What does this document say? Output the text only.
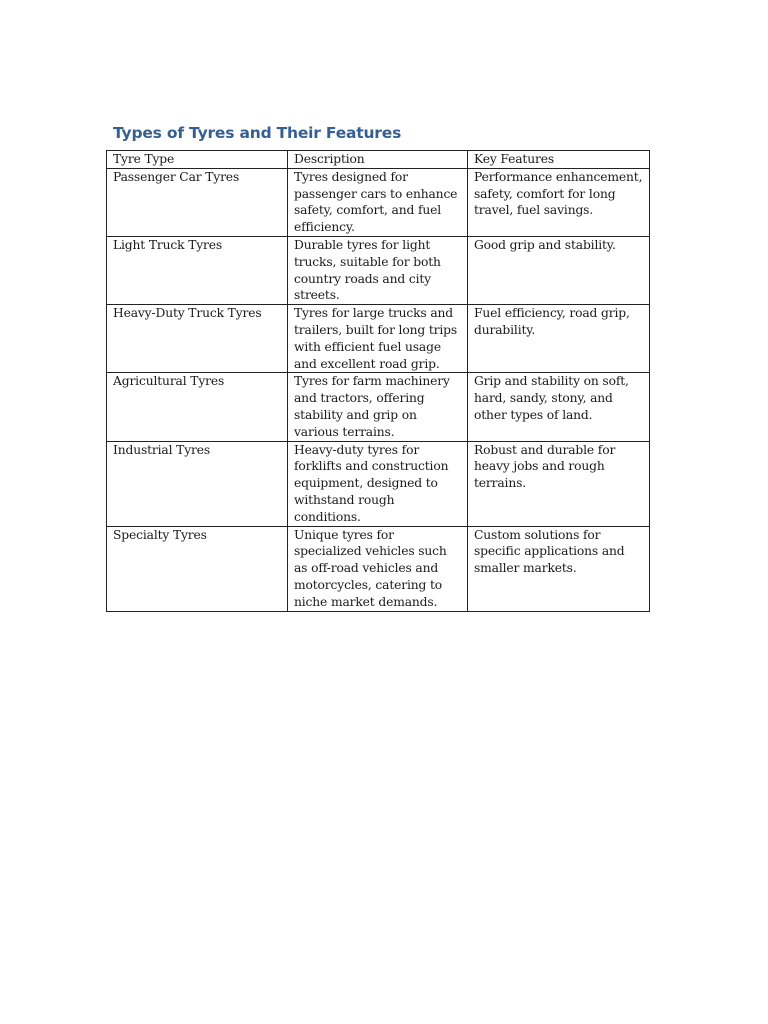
Types of Tyres and Their Features
Tyre Type	Description	Key Features
Passenger Car Tyres	Tyres designed for passenger cars to enhance safety, comfort, and fuel efficiency.	Performance enhancement, safety, comfort for long travel, fuel savings.
Light Truck Tyres	Durable tyres for light trucks, suitable for both country roads and city streets.	Good grip and stability.
Heavy-Duty Truck Tyres	Tyres for large trucks and trailers, built for long trips with efficient fuel usage and excellent road grip.	Fuel efficiency, road grip, durability.
Agricultural Tyres	Tyres for farm machinery and tractors, offering stability and grip on various terrains.	Grip and stability on soft, hard, sandy, stony, and other types of land.
Industrial Tyres	Heavy-duty tyres for forklifts and construction equipment, designed to withstand rough conditions.	Robust and durable for heavy jobs and rough terrains.
Specialty Tyres	Unique tyres for specialized vehicles such as off-road vehicles and motorcycles, catering to niche market demands.	Custom solutions for specific applications and smaller markets.
